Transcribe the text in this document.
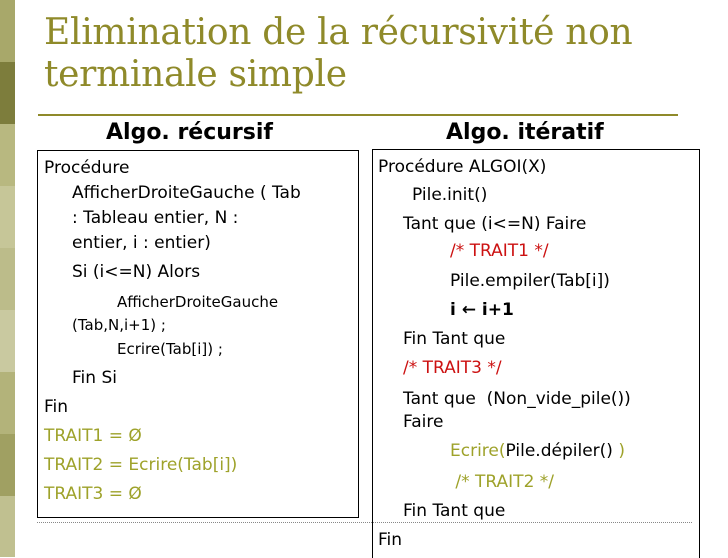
Elimination de la récursivité non terminale simple
Algo. récursif	Algo. itératif
Procédure
AfficherDroiteGauche ( Tab
: Tableau entier, N :
entier, i : entier)
Si (i<=N) Alors
AfficherDroiteGauche
(Tab,N,i+1) ;
Ecrire(Tab[i]) ;
Fin Si
Fin
TRAIT1 = Ø
TRAIT2 = Ecrire(Tab[i])
TRAIT3 = Ø
Procédure ALGOI(X)
Pile.init()
Tant que (i<=N) Faire
/* TRAIT1 */
Pile.empiler(Tab[i])
i ← i+1
Fin Tant que
/* TRAIT3 */
Tant que  (Non_vide_pile())
Faire
Ecrire(Pile.dépiler() )
/* TRAIT2 */
Fin Tant que
Fin
